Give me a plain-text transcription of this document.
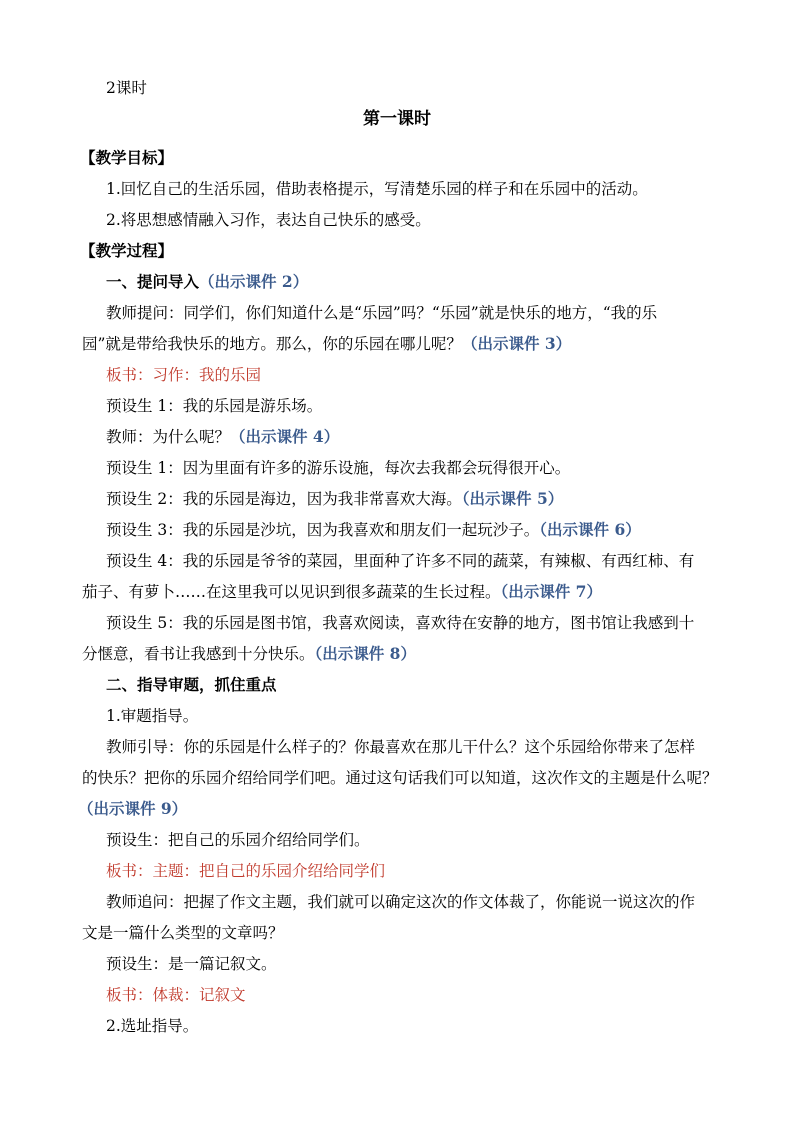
2课时
第一课时
【教学目标】
1.回忆自己的生活乐园，借助表格提示，写清楚乐园的样子和在乐园中的活动。
2.将思想感情融入习作，表达自己快乐的感受。
【教学过程】
一、提问导入（出示课件 2）
教师提问：同学们，你们知道什么是“乐园”吗？“乐园”就是快乐的地方，“我的乐
园”就是带给我快乐的地方。那么，你的乐园在哪儿呢？（出示课件 3）
板书：习作：我的乐园
预设生 1：我的乐园是游乐场。
教师：为什么呢？（出示课件 4）
预设生 1：因为里面有许多的游乐设施，每次去我都会玩得很开心。
预设生 2：我的乐园是海边，因为我非常喜欢大海。（出示课件 5）
预设生 3：我的乐园是沙坑，因为我喜欢和朋友们一起玩沙子。（出示课件 6）
预设生 4：我的乐园是爷爷的菜园，里面种了许多不同的蔬菜，有辣椒、有西红柿、有
茄子、有萝卜……在这里我可以见识到很多蔬菜的生长过程。（出示课件 7）
预设生 5：我的乐园是图书馆，我喜欢阅读，喜欢待在安静的地方，图书馆让我感到十
分惬意，看书让我感到十分快乐。（出示课件 8）
二、指导审题，抓住重点
1.审题指导。
教师引导：你的乐园是什么样子的？你最喜欢在那儿干什么？这个乐园给你带来了怎样
的快乐？把你的乐园介绍给同学们吧。通过这句话我们可以知道，这次作文的主题是什么呢？
（出示课件 9）
预设生：把自己的乐园介绍给同学们。
板书：主题：把自己的乐园介绍给同学们
教师追问：把握了作文主题，我们就可以确定这次的作文体裁了，你能说一说这次的作
文是一篇什么类型的文章吗？
预设生：是一篇记叙文。
板书：体裁：记叙文
2.选址指导。
